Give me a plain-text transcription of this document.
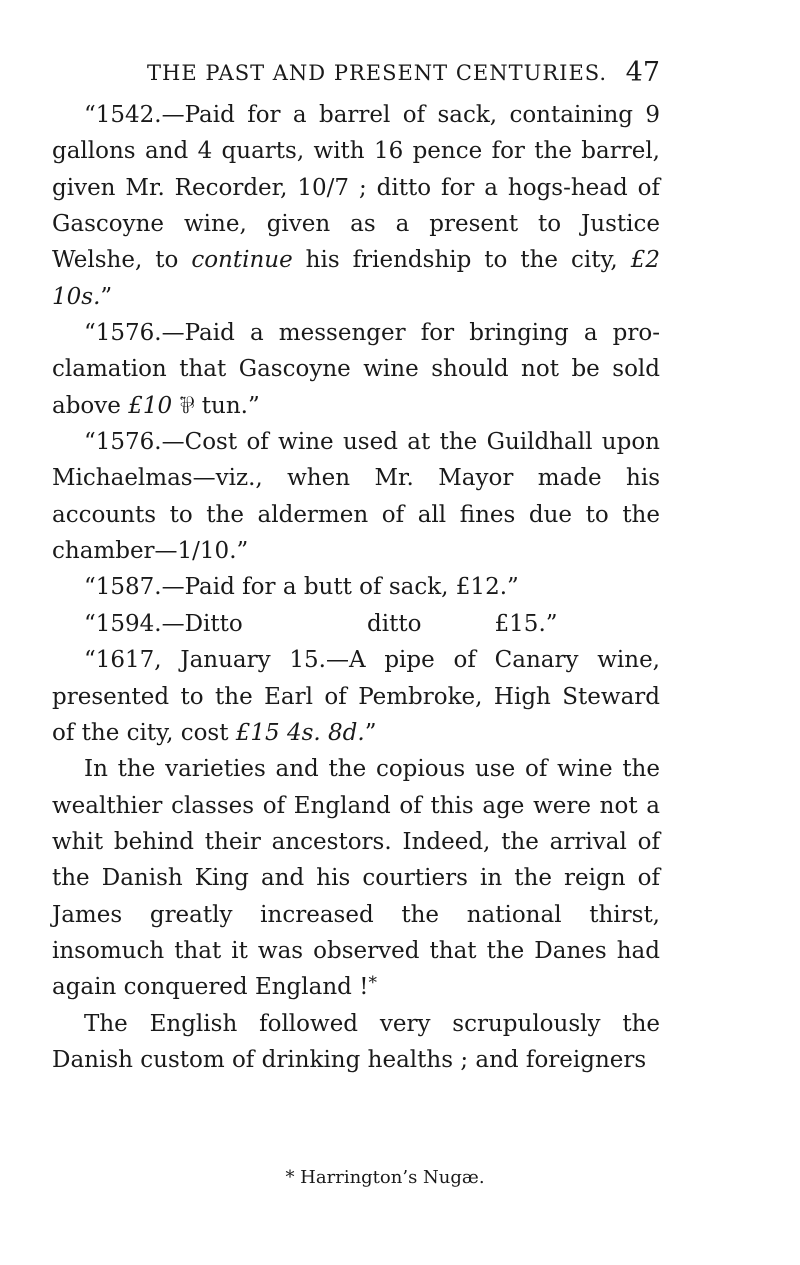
THE PAST AND PRESENT CENTURIES. 47

“1542.—Paid for a barrel of sack, containing 9 gallons and 4 quarts, with 16 pence for the barrel, given Mr. Recorder, 10/7 ; ditto for a hogs-head of Gascoyne wine, given as a present to Justice Welshe, to continue his friendship to the city, £2 10s.”

“1576.—Paid a messenger for bringing a pro-clamation that Gascoyne wine should not be sold above £10 ⅌ tun.”

“1576.—Cost of wine used at the Guildhall upon Michaelmas—viz., when Mr. Mayor made his accounts to the aldermen of all fines due to the chamber—1/10.”

“1587.—Paid for a butt of sack, £12.”

“1594.—Ditto                 ditto          £15.”

“1617, January 15.—A pipe of Canary wine, presented to the Earl of Pembroke, High Steward of the city, cost £15 4s. 8d.”

In the varieties and the copious use of wine the wealthier classes of England of this age were not a whit behind their ancestors. Indeed, the arrival of the Danish King and his courtiers in the reign of James greatly increased the national thirst, insomuch that it was observed that the Danes had again conquered England !*

The English followed very scrupulously the Danish custom of drinking healths ; and foreigners

* Harrington’s Nugæ.
